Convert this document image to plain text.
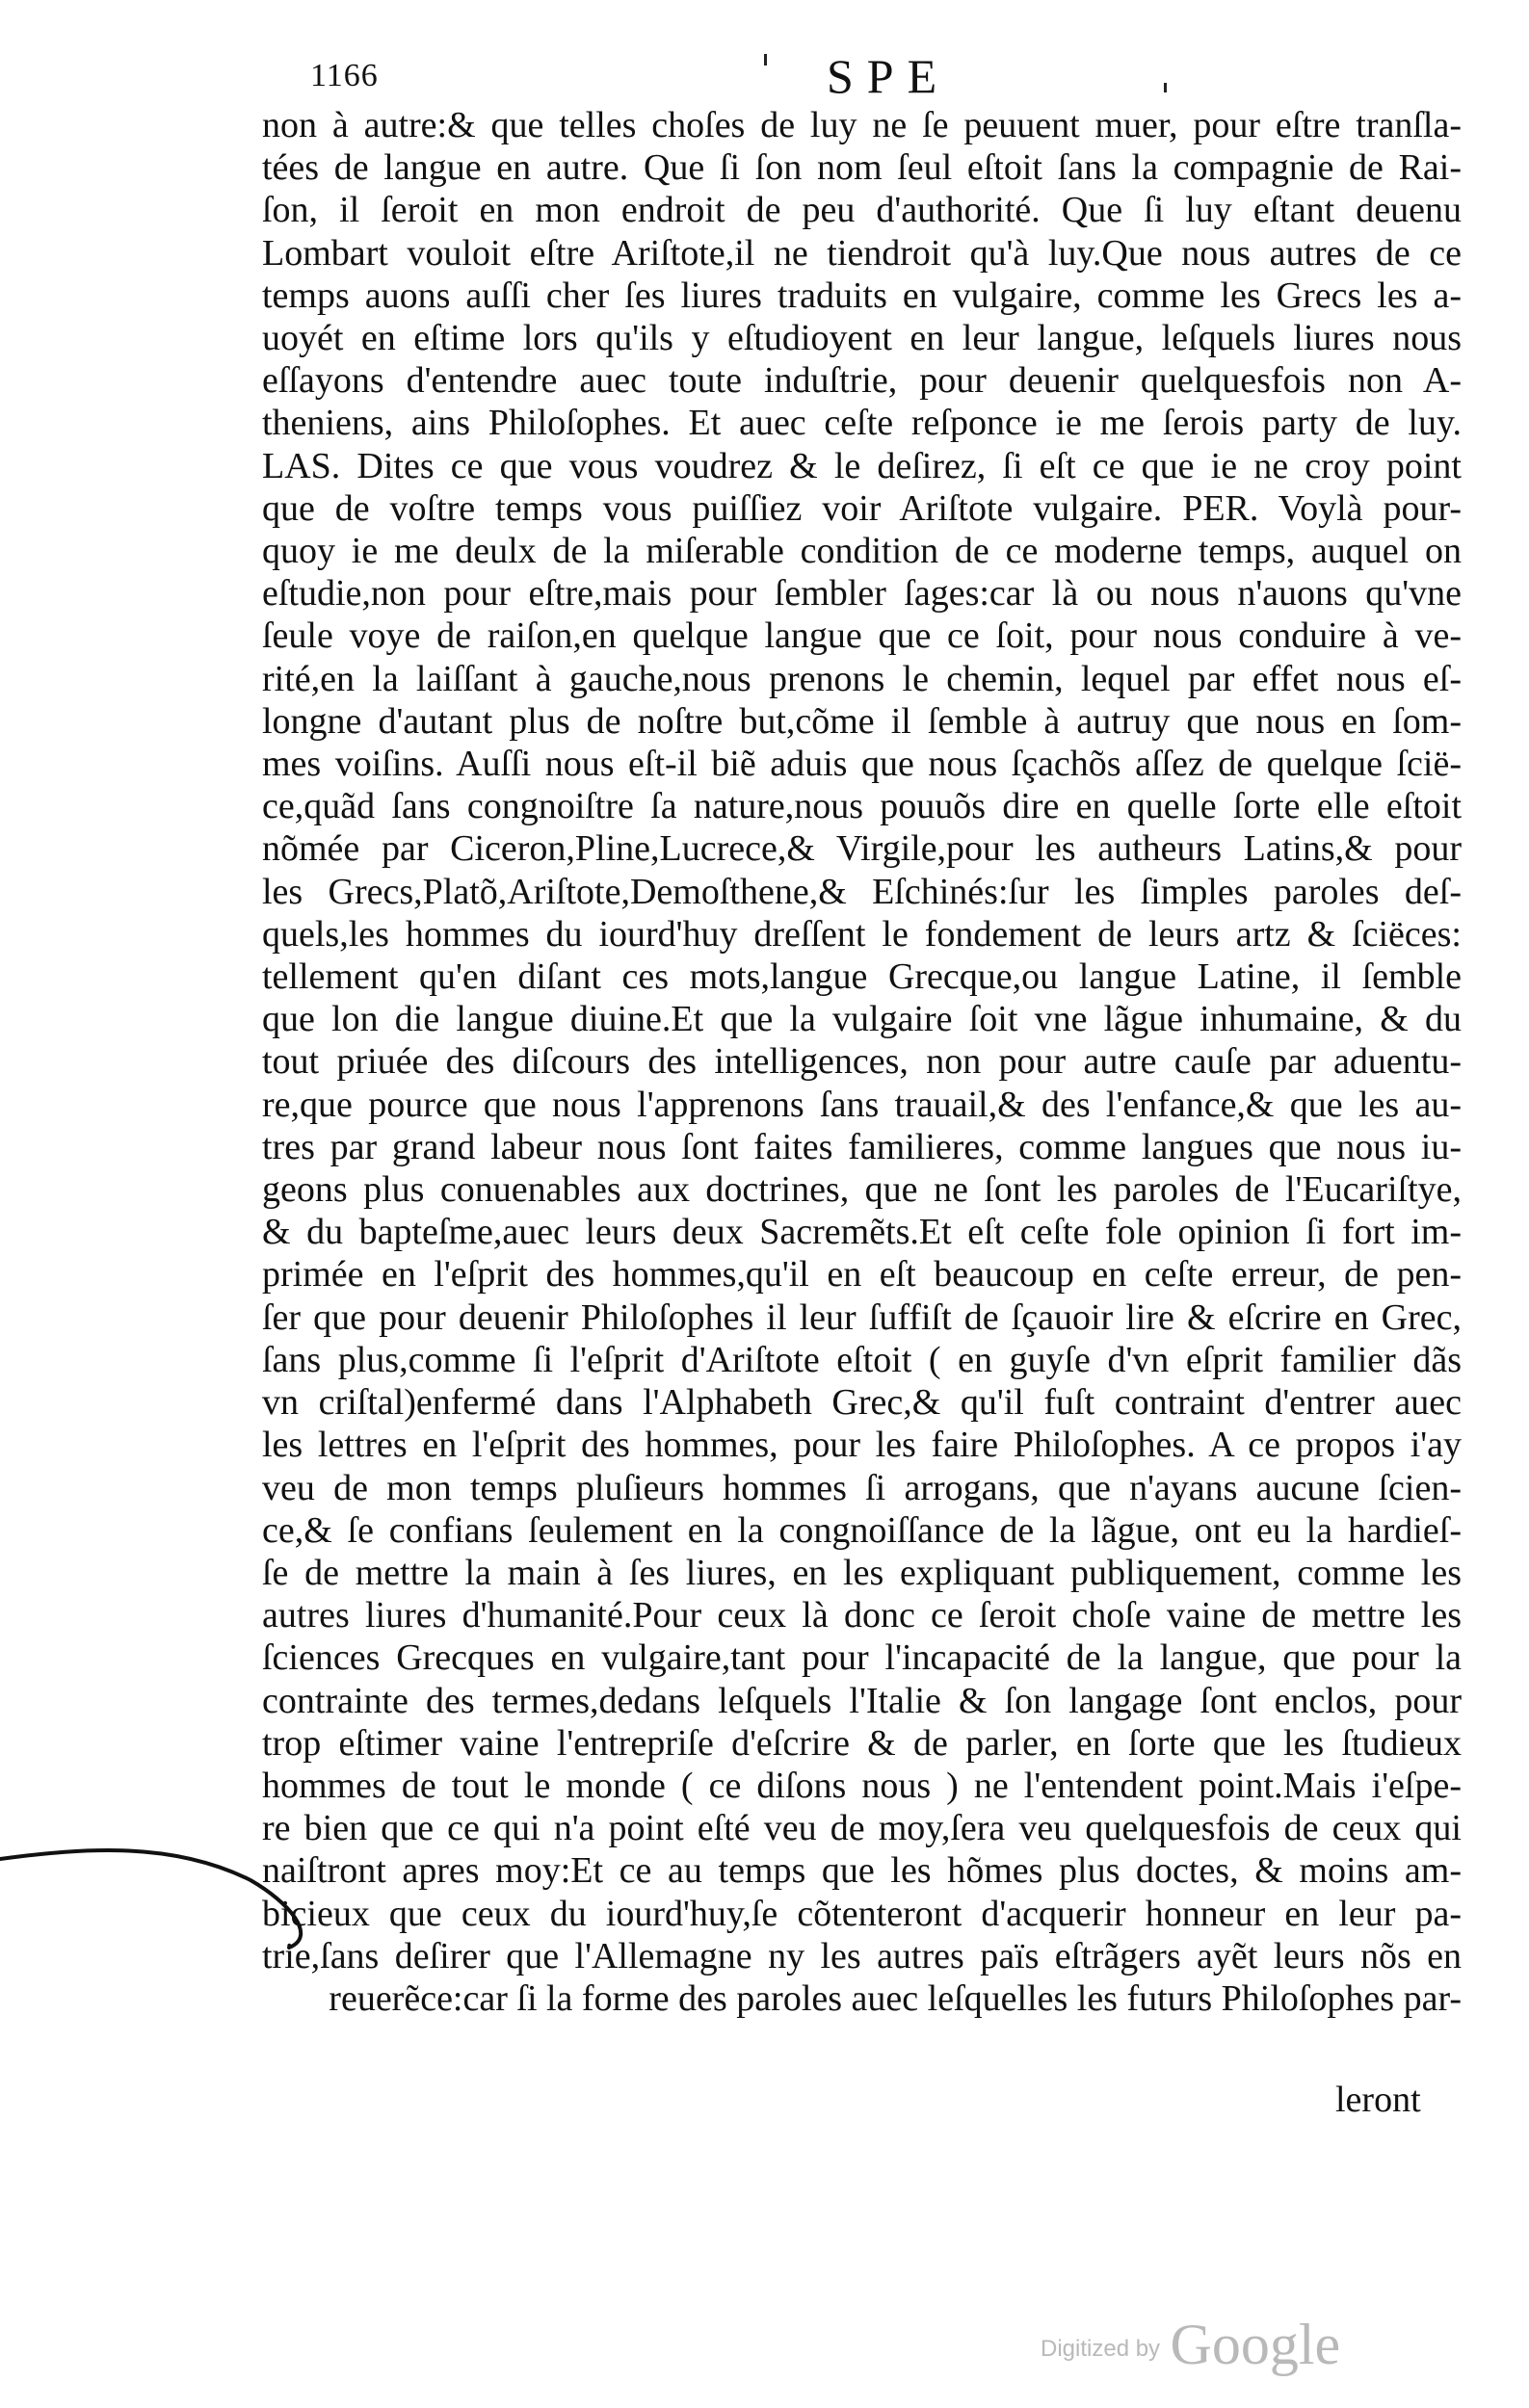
1166	SPE
non à autre:& que telles choſes de luy ne ſe peuuent muer, pour eſtre tranſla-
tées de langue en autre. Que ſi ſon nom ſeul eſtoit ſans la compagnie de Rai-
ſon, il ſeroit en mon endroit de peu d'authorité. Que ſi luy eſtant deuenu
Lombart vouloit eſtre Ariſtote,il ne tiendroit qu'à luy.Que nous autres de ce
temps auons auſſi cher ſes liures traduits en vulgaire, comme les Grecs les a-
uoyét en eſtime lors qu'ils y eſtudioyent en leur langue, leſquels liures nous
eſſayons d'entendre auec toute induſtrie, pour deuenir quelquesfois non A-
theniens, ains Philoſophes. Et auec ceſte reſponce ie me ſerois party de luy.
LAS. Dites ce que vous voudrez & le deſirez, ſi eſt ce que ie ne croy point
que de voſtre temps vous puiſſiez voir Ariſtote vulgaire. PER. Voylà pour-
quoy ie me deulx de la miſerable condition de ce moderne temps, auquel on
eſtudie,non pour eſtre,mais pour ſembler ſages:car là ou nous n'auons qu'vne
ſeule voye de raiſon,en quelque langue que ce ſoit, pour nous conduire à ve-
rité,en la laiſſant à gauche,nous prenons le chemin, lequel par effet nous eſ-
longne d'autant plus de noſtre but,cõme il ſemble à autruy que nous en ſom-
mes voiſins. Auſſi nous eſt-il biẽ aduis que nous ſçachõs aſſez de quelque ſcië-
ce,quãd ſans congnoiſtre ſa nature,nous pouuõs dire en quelle ſorte elle eſtoit
nõmée par Ciceron,Pline,Lucrece,& Virgile,pour les autheurs Latins,& pour
les Grecs,Platõ,Ariſtote,Demoſthene,& Eſchinés:ſur les ſimples paroles deſ-
quels,les hommes du iourd'huy dreſſent le fondement de leurs artz & ſciëces:
tellement qu'en diſant ces mots,langue Grecque,ou langue Latine, il ſemble
que lon die langue diuine.Et que la vulgaire ſoit vne lãgue inhumaine, & du
tout priuée des diſcours des intelligences, non pour autre cauſe par aduentu-
re,que pource que nous l'apprenons ſans trauail,& des l'enfance,& que les au-
tres par grand labeur nous ſont faites familieres, comme langues que nous iu-
geons plus conuenables aux doctrines, que ne ſont les paroles de l'Eucariſtye,
& du bapteſme,auec leurs deux Sacremẽts.Et eſt ceſte fole opinion ſi fort im-
primée en l'eſprit des hommes,qu'il en eſt beaucoup en ceſte erreur, de pen-
ſer que pour deuenir Philoſophes il leur ſuffiſt de ſçauoir lire & eſcrire en Grec,
ſans plus,comme ſi l'eſprit d'Ariſtote eſtoit ( en guyſe d'vn eſprit familier dãs
vn criſtal)enfermé dans l'Alphabeth Grec,& qu'il fuſt contraint d'entrer auec
les lettres en l'eſprit des hommes, pour les faire Philoſophes. A ce propos i'ay
veu de mon temps pluſieurs hommes ſi arrogans, que n'ayans aucune ſcien-
ce,& ſe confians ſeulement en la congnoiſſance de la lãgue, ont eu la hardieſ-
ſe de mettre la main à ſes liures, en les expliquant publiquement, comme les
autres liures d'humanité.Pour ceux là donc ce ſeroit choſe vaine de mettre les
ſciences Grecques en vulgaire,tant pour l'incapacité de la langue, que pour la
contrainte des termes,dedans leſquels l'Italie & ſon langage ſont enclos, pour
trop eſtimer vaine l'entrepriſe d'eſcrire & de parler, en ſorte que les ſtudieux
hommes de tout le monde ( ce diſons nous ) ne l'entendent point.Mais i'eſpe-
re bien que ce qui n'a point eſté veu de moy,ſera veu quelquesfois de ceux qui
naiſtront apres moy:Et ce au temps que les hõmes plus doctes, & moins am-
bicieux que ceux du iourd'huy,ſe cõtenteront d'acquerir honneur en leur pa-
trie,ſans deſirer que l'Allemagne ny les autres païs eſtrãgers ayẽt leurs nõs en
reuerẽce:car ſi la forme des paroles auec leſquelles les futurs Philoſophes par-
leront
Digitized by Google
